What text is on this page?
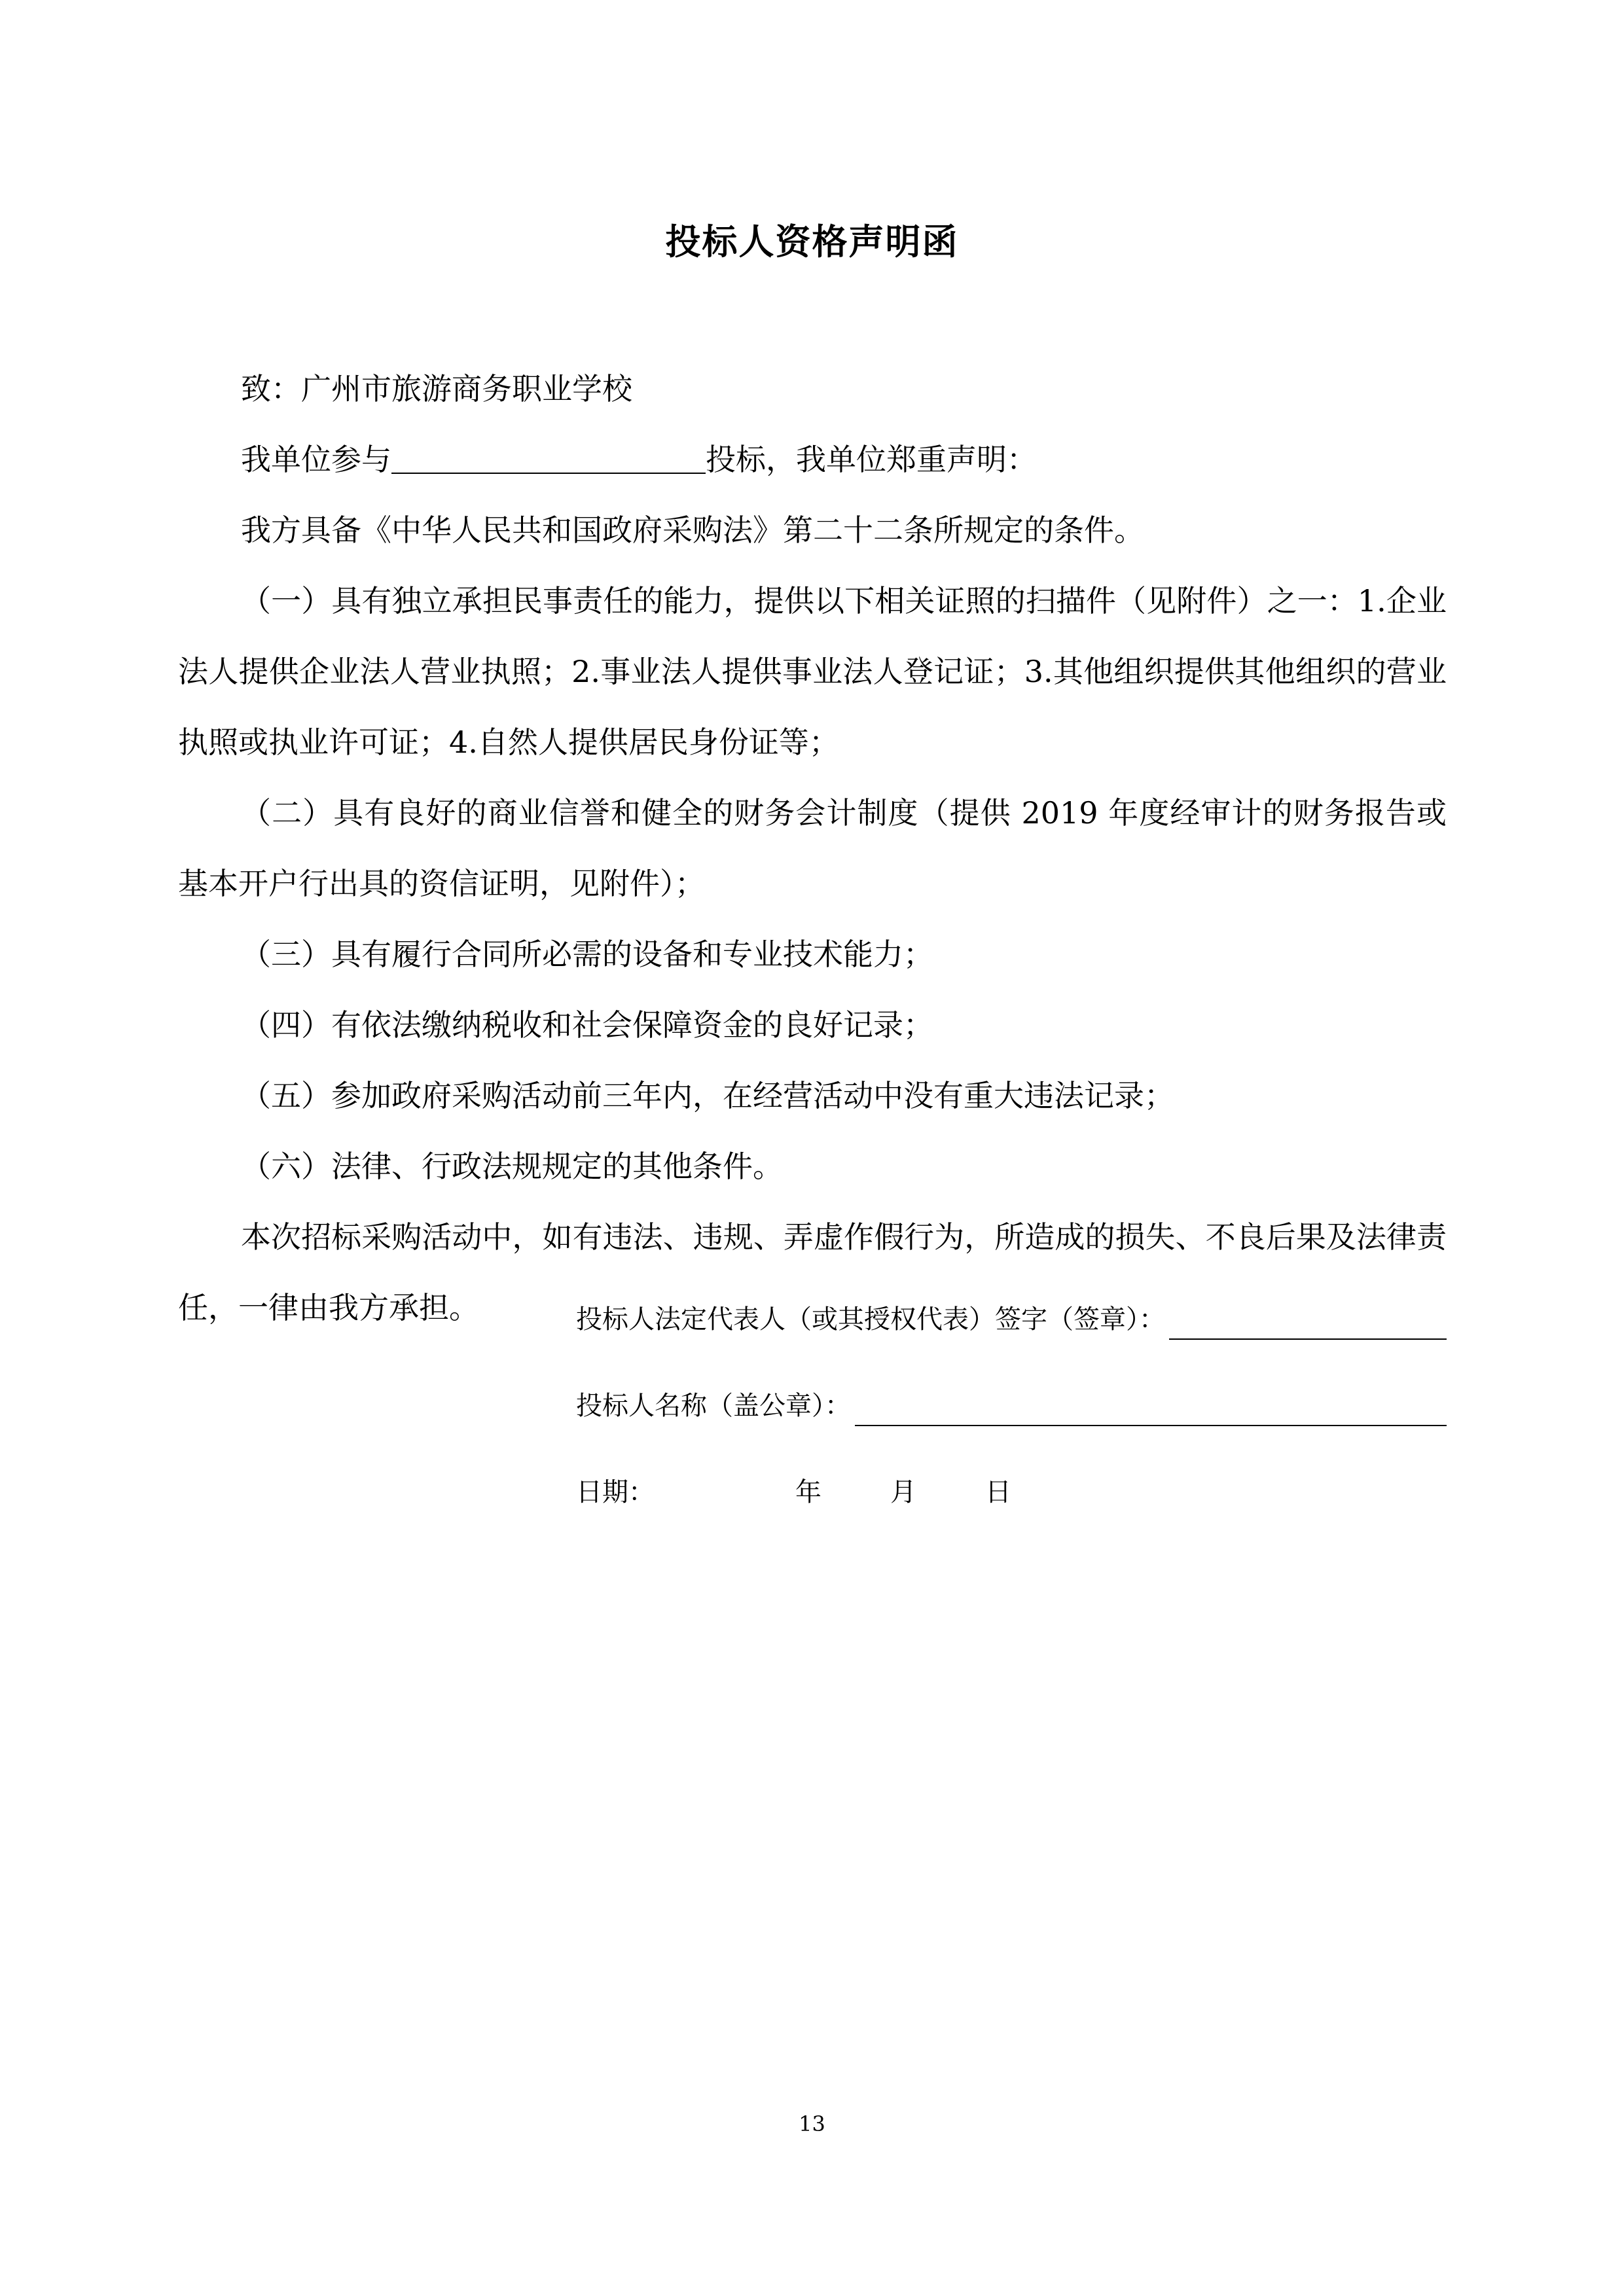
投标人资格声明函

致：广州市旅游商务职业学校

我单位参与	投标，我单位郑重声明：

我方具备《中华人民共和国政府采购法》第二十二条所规定的条件。

（一）具有独立承担民事责任的能力，提供以下相关证照的扫描件（见附件）之一：1.企业法人提供企业法人营业执照；2.事业法人提供事业法人登记证；3.其他组织提供其他组织的营业执照或执业许可证；4.自然人提供居民身份证等；

（二）具有良好的商业信誉和健全的财务会计制度（提供 2019 年度经审计的财务报告或基本开户行出具的资信证明，见附件）；

（三）具有履行合同所必需的设备和专业技术能力；

（四）有依法缴纳税收和社会保障资金的良好记录；

（五）参加政府采购活动前三年内，在经营活动中没有重大违法记录；

（六）法律、行政法规规定的其他条件。

本次招标采购活动中，如有违法、违规、弄虚作假行为，所造成的损失、不良后果及法律责任，一律由我方承担。	投标人法定代表人（或其授权代表）签字（签章）：
投标人名称（盖公章）：
日期：	年	月	日
13
